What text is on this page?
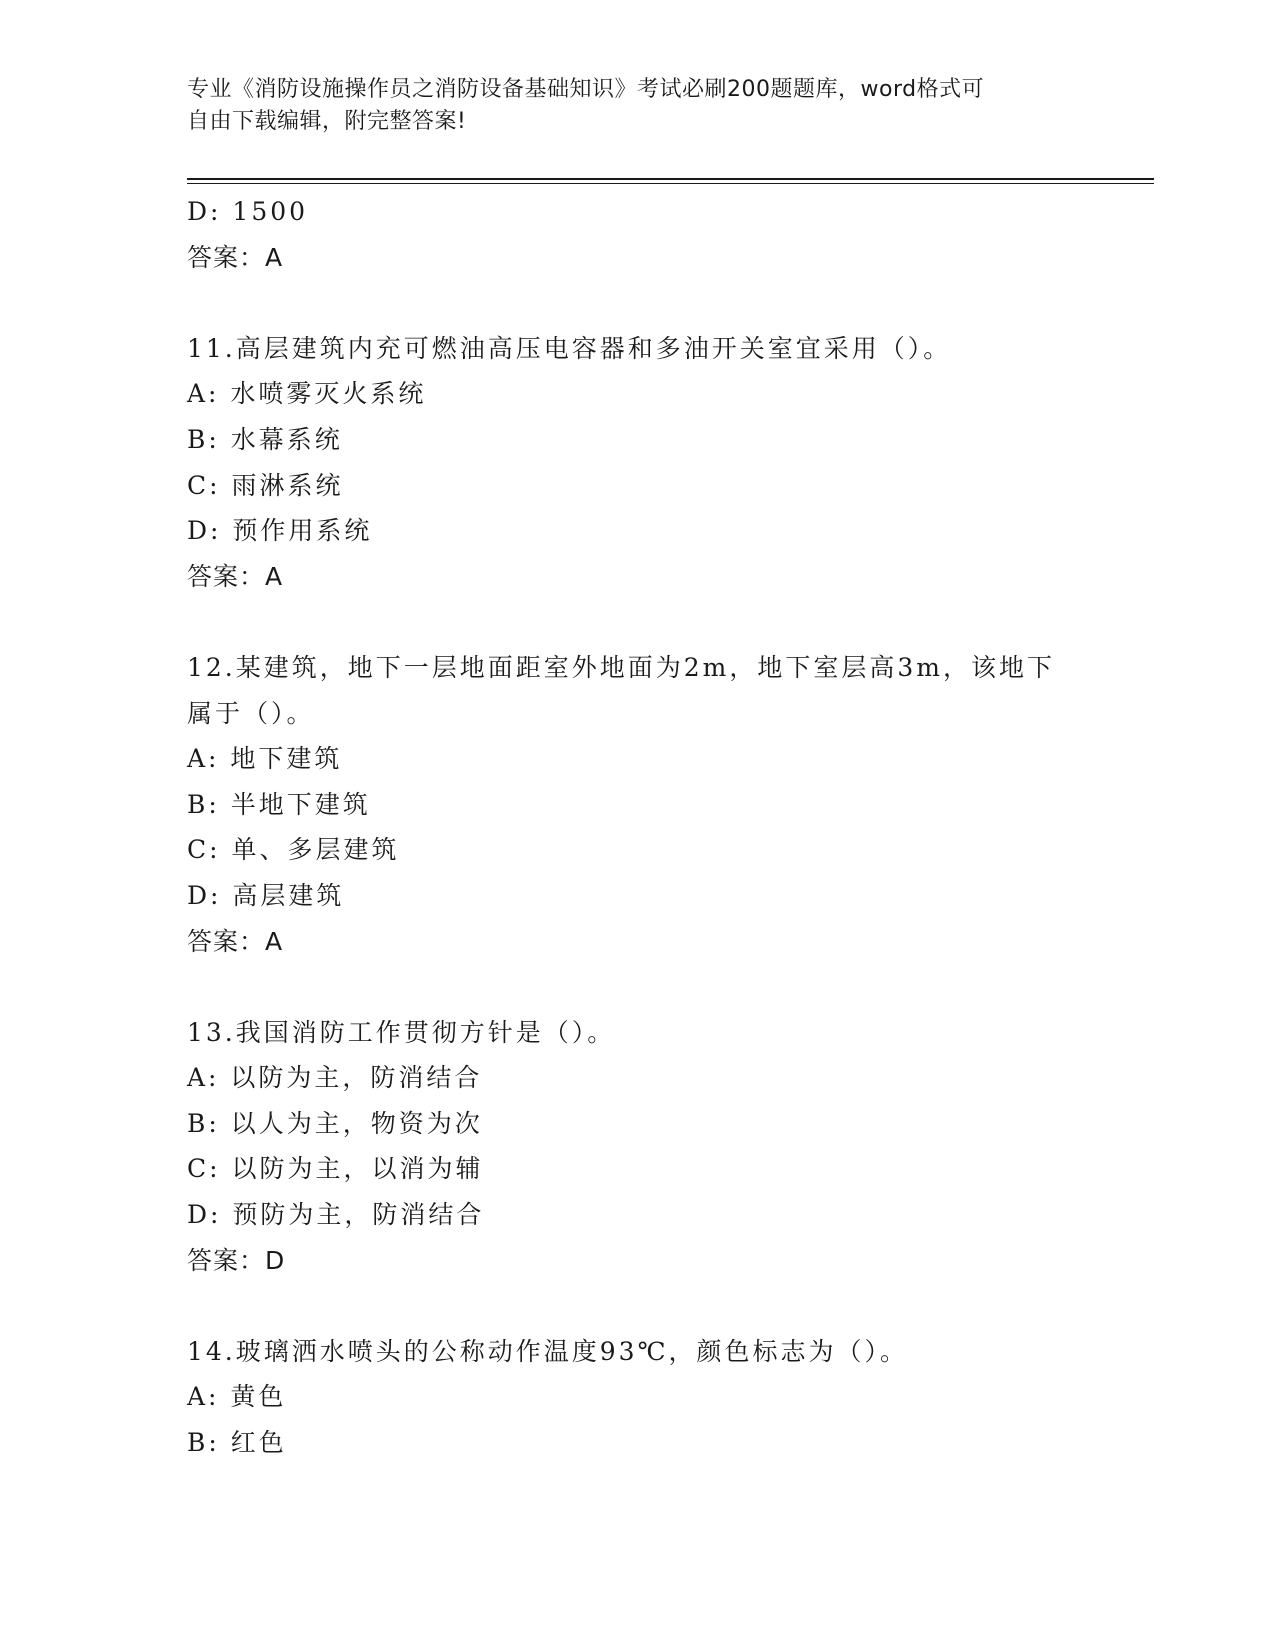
专业《消防设施操作员之消防设备基础知识》考试必刷200题题库，word格式可
自由下载编辑，附完整答案!
D: 1500
答案：A
11.高层建筑内充可燃油高压电容器和多油开关室宜采用（）。
A: 水喷雾灭火系统
B: 水幕系统
C: 雨淋系统
D: 预作用系统
答案：A
12.某建筑，地下一层地面距室外地面为2m，地下室层高3m，该地下
属于（）。
A: 地下建筑
B: 半地下建筑
C: 单、多层建筑
D: 高层建筑
答案：A
13.我国消防工作贯彻方针是（）。
A: 以防为主，防消结合
B: 以人为主，物资为次
C: 以防为主，以消为辅
D: 预防为主，防消结合
答案：D
14.玻璃洒水喷头的公称动作温度93℃，颜色标志为（）。
A: 黄色
B: 红色
